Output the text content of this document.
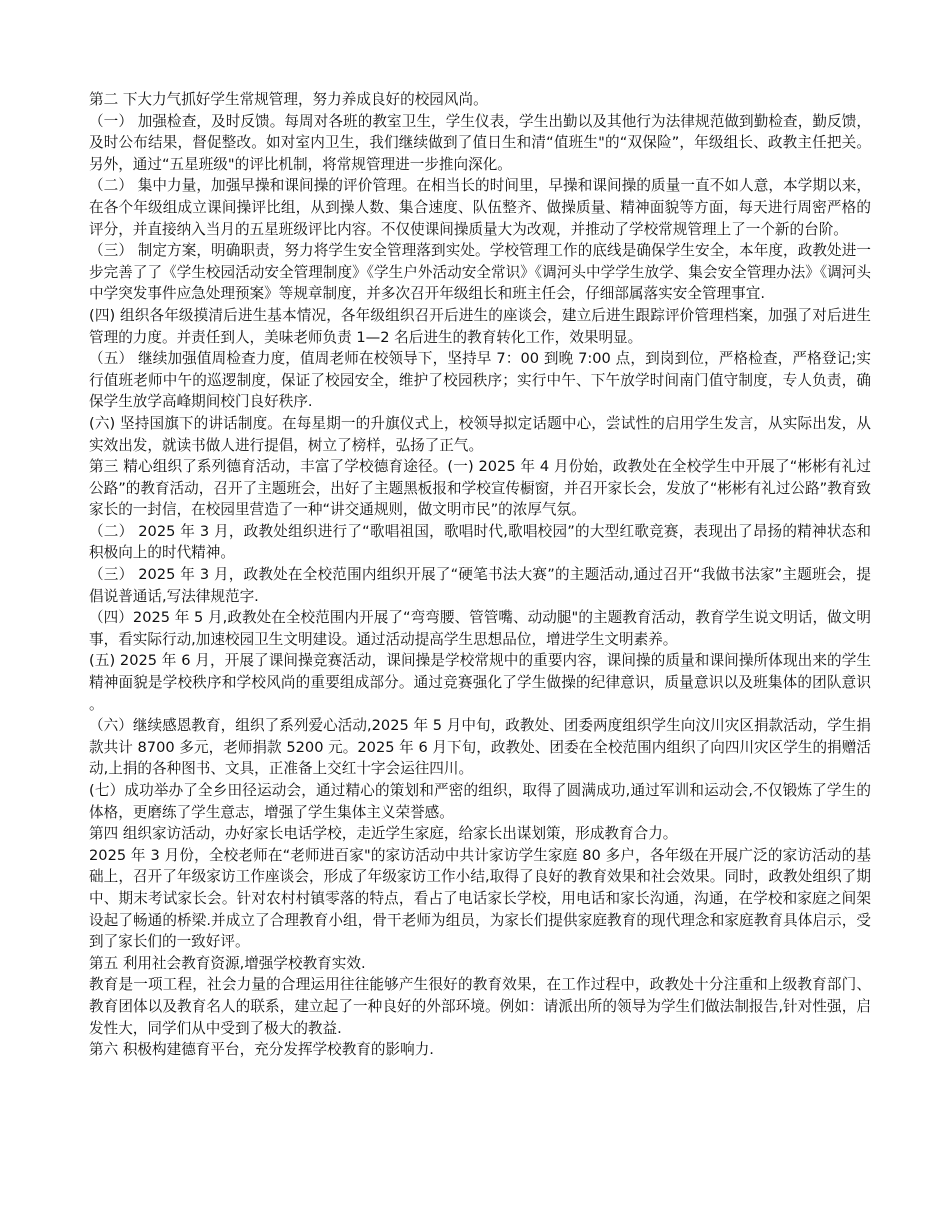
第二 下大力气抓好学生常规管理，努力养成良好的校园风尚。

（一） 加强检查，及时反馈。每周对各班的教室卫生，学生仪表，学生出勤以及其他行为法律规范做到勤检查，勤反馈，及时公布结果，督促整改。如对室内卫生，我们继续做到了值日生和清“值班生"的“双保险”，年级组长、政教主任把关。另外，通过“五星班级"的评比机制，将常规管理进一步推向深化。

（二） 集中力量，加强早操和课间操的评价管理。在相当长的时间里，早操和课间操的质量一直不如人意，本学期以来，在各个年级组成立课间操评比组，从到操人数、集合速度、队伍整齐、做操质量、精神面貌等方面，每天进行周密严格的评分，并直接纳入当月的五星班级评比内容。不仅使课间操质量大为改观，并推动了学校常规管理上了一个新的台阶。

（三） 制定方案，明确职责，努力将学生安全管理落到实处。学校管理工作的底线是确保学生安全，本年度，政教处进一步完善了了《学生校园活动安全管理制度》《学生户外活动安全常识》《调河头中学学生放学、集会安全管理办法》《调河头中学突发事件应急处理预案》等规章制度，并多次召开年级组长和班主任会，仔细部属落实安全管理事宜.

(四) 组织各年级摸清后进生基本情况，各年级组织召开后进生的座谈会，建立后进生跟踪评价管理档案，加强了对后进生管理的力度。并责任到人，美味老师负责 1—2 名后进生的教育转化工作，效果明显。

（五） 继续加强值周检查力度，值周老师在校领导下，坚持早 7：00 到晚 7:00 点，到岗到位，严格检查，严格登记;实行值班老师中午的巡逻制度，保证了校园安全，维护了校园秩序；实行中午、下午放学时间南门值守制度，专人负责，确保学生放学高峰期间校门良好秩序.

(六) 坚持国旗下的讲话制度。在每星期一的升旗仪式上，校领导拟定话题中心，尝试性的启用学生发言，从实际出发，从实效出发，就读书做人进行提倡，树立了榜样，弘扬了正气。

第三 精心组织了系列德育活动，丰富了学校德育途径。(一) 2025 年 4 月份始，政教处在全校学生中开展了“彬彬有礼过公路”的教育活动，召开了主题班会，出好了主题黑板报和学校宣传橱窗，并召开家长会，发放了“彬彬有礼过公路”教育致家长的一封信，在校园里营造了一种“讲交通规则，做文明市民”的浓厚气氛。

（二） 2025 年 3 月，政教处组织进行了“歌唱祖国，歌唱时代,歌唱校园”的大型红歌竞赛，表现出了昂扬的精神状态和积极向上的时代精神。

（三） 2025 年 3 月，政教处在全校范围内组织开展了“硬笔书法大赛”的主题活动,通过召开“我做书法家”主题班会，提倡说普通话,写法律规范字.

（四）2025 年 5 月,政教处在全校范围内开展了“弯弯腰、管管嘴、动动腿"的主题教育活动，教育学生说文明话，做文明事，看实际行动,加速校园卫生文明建设。通过活动提高学生思想品位，增进学生文明素养。

(五) 2025 年 6 月，开展了课间操竞赛活动，课间操是学校常规中的重要内容，课间操的质量和课间操所体现出来的学生精神面貌是学校秩序和学校风尚的重要组成部分。通过竞赛强化了学生做操的纪律意识，质量意识以及班集体的团队意识。

（六）继续感恩教育，组织了系列爱心活动,2025 年 5 月中旬，政教处、团委两度组织学生向汶川灾区捐款活动，学生捐款共计 8700 多元，老师捐款 5200 元。2025 年 6 月下旬，政教处、团委在全校范围内组织了向四川灾区学生的捐赠活动,上捐的各种图书、文具，正准备上交红十字会运往四川。

(七）成功举办了全乡田径运动会，通过精心的策划和严密的组织，取得了圆满成功,通过军训和运动会,不仅锻炼了学生的体格，更磨练了学生意志，增强了学生集体主义荣誉感。

第四 组织家访活动，办好家长电话学校，走近学生家庭，给家长出谋划策，形成教育合力。

2025 年 3 月份，全校老师在“老师进百家"的家访活动中共计家访学生家庭 80 多户，各年级在开展广泛的家访活动的基础上，召开了年级家访工作座谈会，形成了年级家访工作小结,取得了良好的教育效果和社会效果。同时，政教处组织了期中、期末考试家长会。针对农村村镇零落的特点，看占了电话家长学校，用电话和家长沟通，沟通，在学校和家庭之间架设起了畅通的桥梁.并成立了合理教育小组，骨干老师为组员，为家长们提供家庭教育的现代理念和家庭教育具体启示，受到了家长们的一致好评。

第五 利用社会教育资源,增强学校教育实效.

教育是一项工程，社会力量的合理运用往往能够产生很好的教育效果，在工作过程中，政教处十分注重和上级教育部门、教育团体以及教育名人的联系，建立起了一种良好的外部环境。例如：请派出所的领导为学生们做法制报告,针对性强，启发性大，同学们从中受到了极大的教益.

第六 积极构建德育平台，充分发挥学校教育的影响力.
